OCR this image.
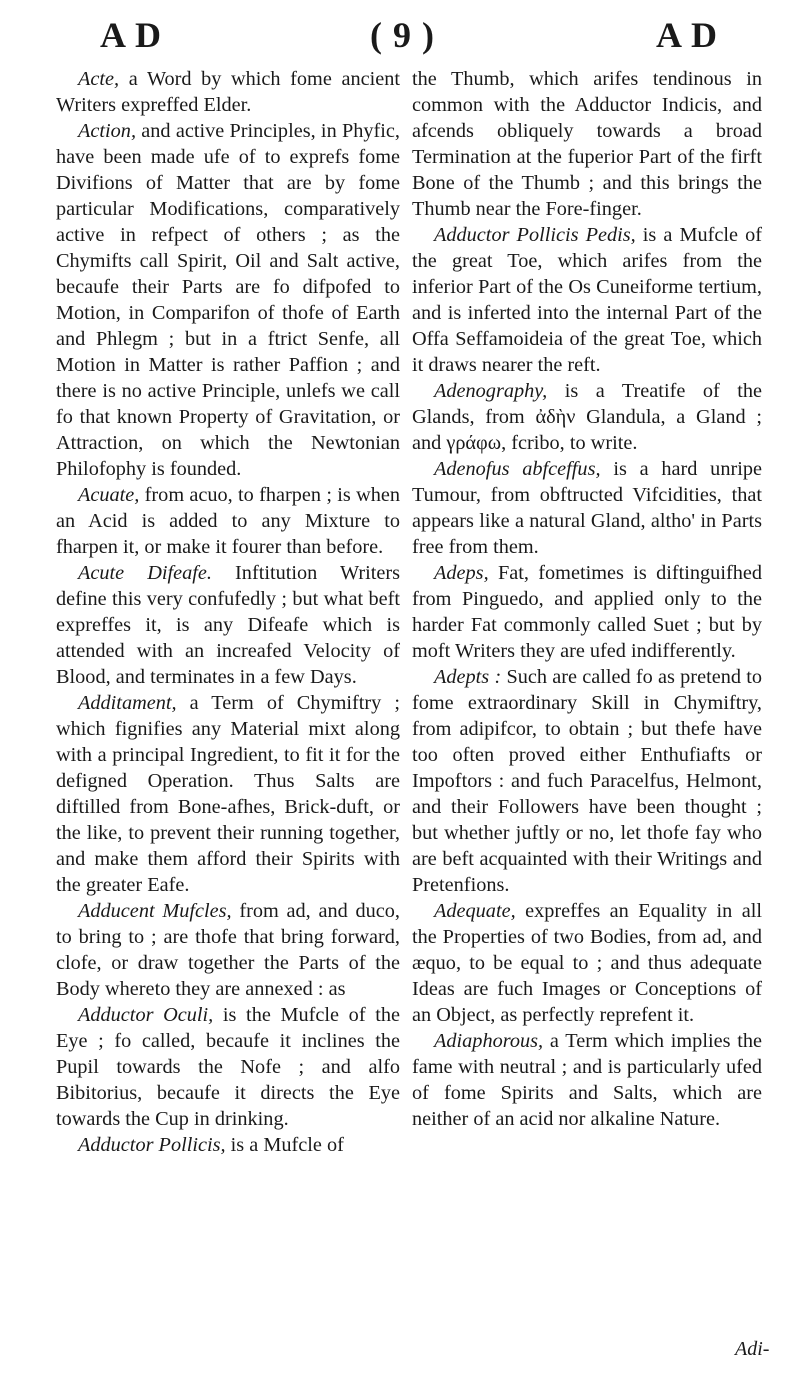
A D	( 9 )	A D

Acte, a Word by which fome ancient Writers expreffed Elder.

Action, and active Principles, in Phyfic, have been made ufe of to exprefs fome Divifions of Matter that are by fome particular Modifications, comparatively active in refpect of others ; as the Chymifts call Spirit, Oil and Salt active, becaufe their Parts are fo difpofed to Motion, in Comparifon of thofe of Earth and Phlegm ; but in a ftrict Senfe, all Motion in Matter is rather Paffion ; and there is no active Principle, unlefs we call fo that known Property of Gravitation, or Attraction, on which the Newtonian Philofophy is founded.

Acuate, from acuo, to fharpen ; is when an Acid is added to any Mixture to fharpen it, or make it fourer than before.

Acute Difeafe. Inftitution Writers define this very confufedly ; but what beft expreffes it, is any Difeafe which is attended with an increafed Velocity of Blood, and terminates in a few Days.

Additament, a Term of Chymiftry ; which fignifies any Material mixt along with a principal Ingredient, to fit it for the defigned Operation. Thus Salts are diftilled from Bone-afhes, Brick-duft, or the like, to prevent their running together, and make them afford their Spirits with the greater Eafe.

Adducent Mufcles, from ad, and duco, to bring to ; are thofe that bring forward, clofe, or draw together the Parts of the Body whereto they are annexed : as

Adductor Oculi, is the Mufcle of the Eye ; fo called, becaufe it inclines the Pupil towards the Nofe ; and alfo Bibitorius, becaufe it directs the Eye towards the Cup in drinking.

Adductor Pollicis, is a Mufcle of

the Thumb, which arifes tendinous in common with the Adductor Indicis, and afcends obliquely towards a broad Termination at the fuperior Part of the firft Bone of the Thumb ; and this brings the Thumb near the Fore-finger.

Adductor Pollicis Pedis, is a Mufcle of the great Toe, which arifes from the inferior Part of the Os Cuneiforme tertium, and is inferted into the internal Part of the Offa Seffamoideia of the great Toe, which it draws nearer the reft.

Adenography, is a Treatife of the Glands, from ἀδὴν Glandula, a Gland ; and γράφω, fcribo, to write.

Adenofus abfceffus, is a hard unripe Tumour, from obftructed Vifcidities, that appears like a natural Gland, altho' in Parts free from them.

Adeps, Fat, fometimes is diftinguifhed from Pinguedo, and applied only to the harder Fat commonly called Suet ; but by moft Writers they are ufed indifferently.

Adepts : Such are called fo as pretend to fome extraordinary Skill in Chymiftry, from adipifcor, to obtain ; but thefe have too often proved either Enthufiafts or Impoftors : and fuch Paracelfus, Helmont, and their Followers have been thought ; but whether juftly or no, let thofe fay who are beft acquainted with their Writings and Pretenfions.

Adequate, expreffes an Equality in all the Properties of two Bodies, from ad, and æquo, to be equal to ; and thus adequate Ideas are fuch Images or Conceptions of an Object, as perfectly reprefent it.

Adiaphorous, a Term which implies the fame with neutral ; and is particularly ufed of fome Spirits and Salts, which are neither of an acid nor alkaline Nature.

Adi-
